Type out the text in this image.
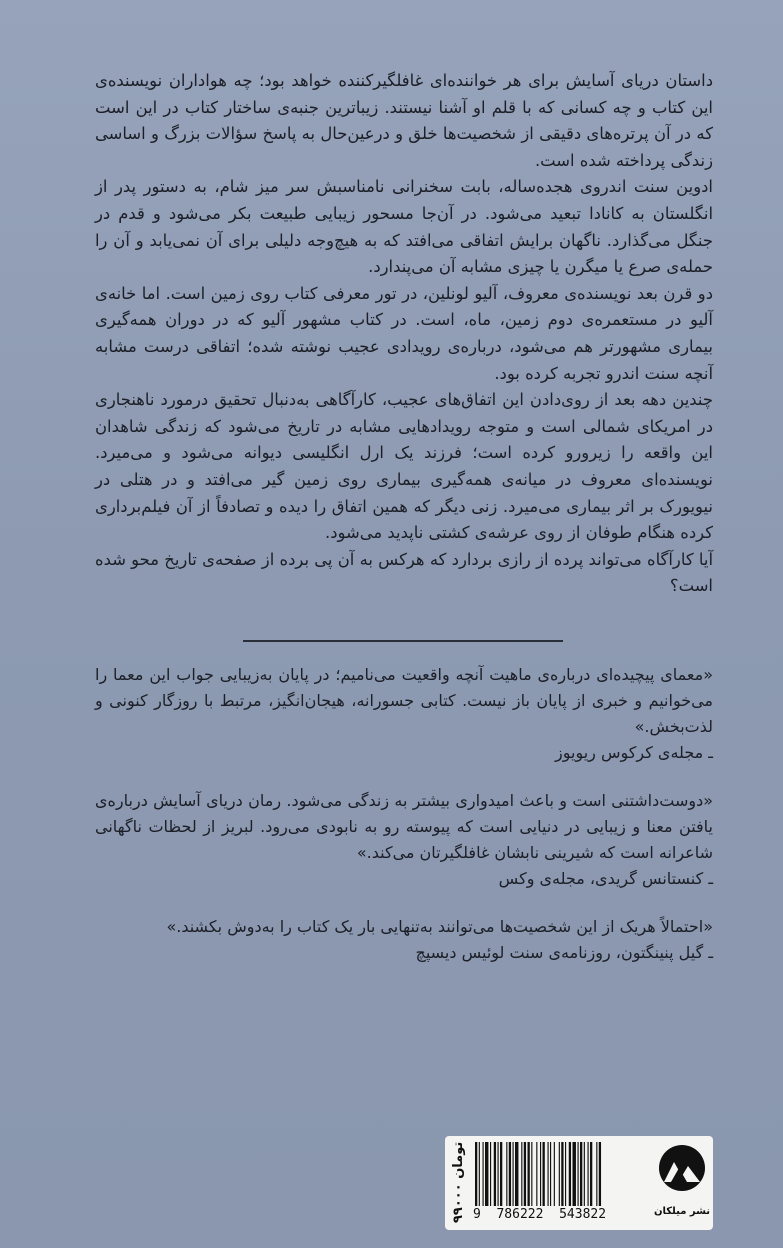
داستان دریای آسایش برای هر خواننده‌ای غافلگیرکننده خواهد بود؛ چه هواداران نویسنده‌ی این کتاب و چه کسانی که با قلم او آشنا نیستند. زیباترین جنبه‌ی ساختار کتاب در این است که در آن پرتره‌های دقیقی از شخصیت‌ها خلق و درعین‌حال به پاسخ سؤالات بزرگ و اساسی زندگی پرداخته شده است.

ادوین سنت اندروی هجده‌ساله، بابت سخنرانی نامناسبش سر میز شام، به دستور پدر از انگلستان به کانادا تبعید می‌شود. در آن‌جا مسحور زیبایی طبیعت بکر می‌شود و قدم در جنگل می‌گذارد. ناگهان برایش اتفاقی می‌افتد که به هیچ‌وجه دلیلی برای آن نمی‌یابد و آن را حمله‌ی صرع یا میگرن یا چیزی مشابه آن می‌پندارد.

دو قرن بعد نویسنده‌ی معروف، آلیو لونلین، در تور معرفی کتاب روی زمین است. اما خانه‌ی آلیو در مستعمره‌ی دوم زمین، ماه، است. در کتاب مشهور آلیو که در دوران همه‌گیری بیماری مشهورتر هم می‌شود، درباره‌ی رویدادی عجیب نوشته شده؛ اتفاقی درست مشابه آنچه سنت اندرو تجربه کرده بود.

چندین دهه بعد از روی‌دادن این اتفاق‌های عجیب، کارآگاهی به‌دنبال تحقیق درمورد ناهنجاری در امریکای شمالی است و متوجه رویدادهایی مشابه در تاریخ می‌شود که زندگی شاهدان این واقعه را زیرورو کرده است؛ فرزند یک ارل انگلیسی دیوانه می‌شود و می‌میرد. نویسنده‌ای معروف در میانه‌ی همه‌گیری بیماری روی زمین گیر می‌افتد و در هتلی در نیویورک بر اثر بیماری می‌میرد. زنی دیگر که همین اتفاق را دیده و تصادفاً از آن فیلم‌برداری کرده هنگام طوفان از روی عرشه‌ی کشتی ناپدید می‌شود.

آیا کارآگاه می‌تواند پرده از رازی بردارد که هرکس به آن پی برده از صفحه‌ی تاریخ محو شده است؟

«معمای پیچیده‌ای درباره‌ی ماهیت آنچه واقعیت می‌نامیم؛ در پایان به‌زیبایی جواب این معما را می‌خوانیم و خبری از پایان باز نیست. کتابی جسورانه، هیجان‌انگیز، مرتبط با روزگار کنونی و لذت‌بخش.»

ـ مجله‌ی کرکوس ریویوز

«دوست‌داشتنی است و باعث امیدواری بیشتر به زندگی می‌شود. رمان دریای آسایش درباره‌ی یافتن معنا و زیبایی در دنیایی است که پیوسته رو به نابودی می‌رود. لبریز از لحظات ناگهانی شاعرانه است که شیرینی نابشان غافلگیرتان می‌کند.»

ـ کنستانس گریدی، مجله‌ی وکس

«احتمالاً هریک از این شخصیت‌ها می‌توانند به‌تنهایی بار یک کتاب را به‌دوش بکشند.»

ـ گیل پنینگتون، روزنامه‌ی سنت لوئیس دیسپچ

۹۹۰۰۰ تومان
9 786222 543822	نشر میلکان
